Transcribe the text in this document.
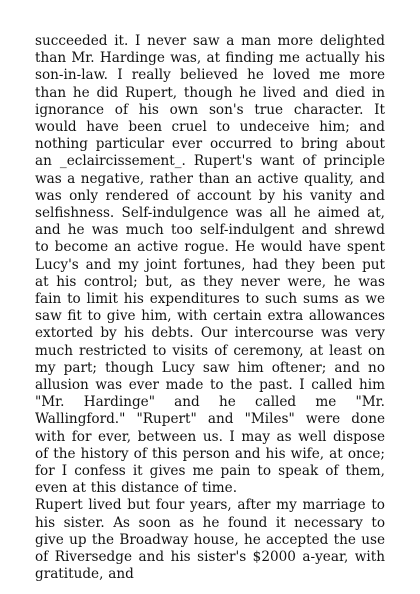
succeeded it. I never saw a man more delighted than Mr. Hardinge was, at finding me actually his son-in-law. I really believed he loved me more than he did Rupert, though he lived and died in ignorance of his own son's true character. It would have been cruel to undeceive him; and nothing particular ever occurred to bring about an _eclaircissement_. Rupert's want of principle was a negative, rather than an active quality, and was only rendered of account by his vanity and selfishness. Self-indulgence was all he aimed at, and he was much too self-indulgent and shrewd to become an active rogue. He would have spent Lucy's and my joint fortunes, had they been put at his control; but, as they never were, he was fain to limit his expenditures to such sums as we saw fit to give him, with certain extra allowances extorted by his debts. Our intercourse was very much restricted to visits of ceremony, at least on my part; though Lucy saw him oftener; and no allusion was ever made to the past. I called him "Mr. Hardinge" and he called me "Mr. Wallingford." "Rupert" and "Miles" were done with for ever, between us. I may as well dispose of the history of this person and his wife, at once; for I confess it gives me pain to speak of them, even at this distance of time.

Rupert lived but four years, after my marriage to his sister. As soon as he found it necessary to give up the Broadway house, he accepted the use of Riversedge and his sister's $2000 a-year, with gratitude, and
